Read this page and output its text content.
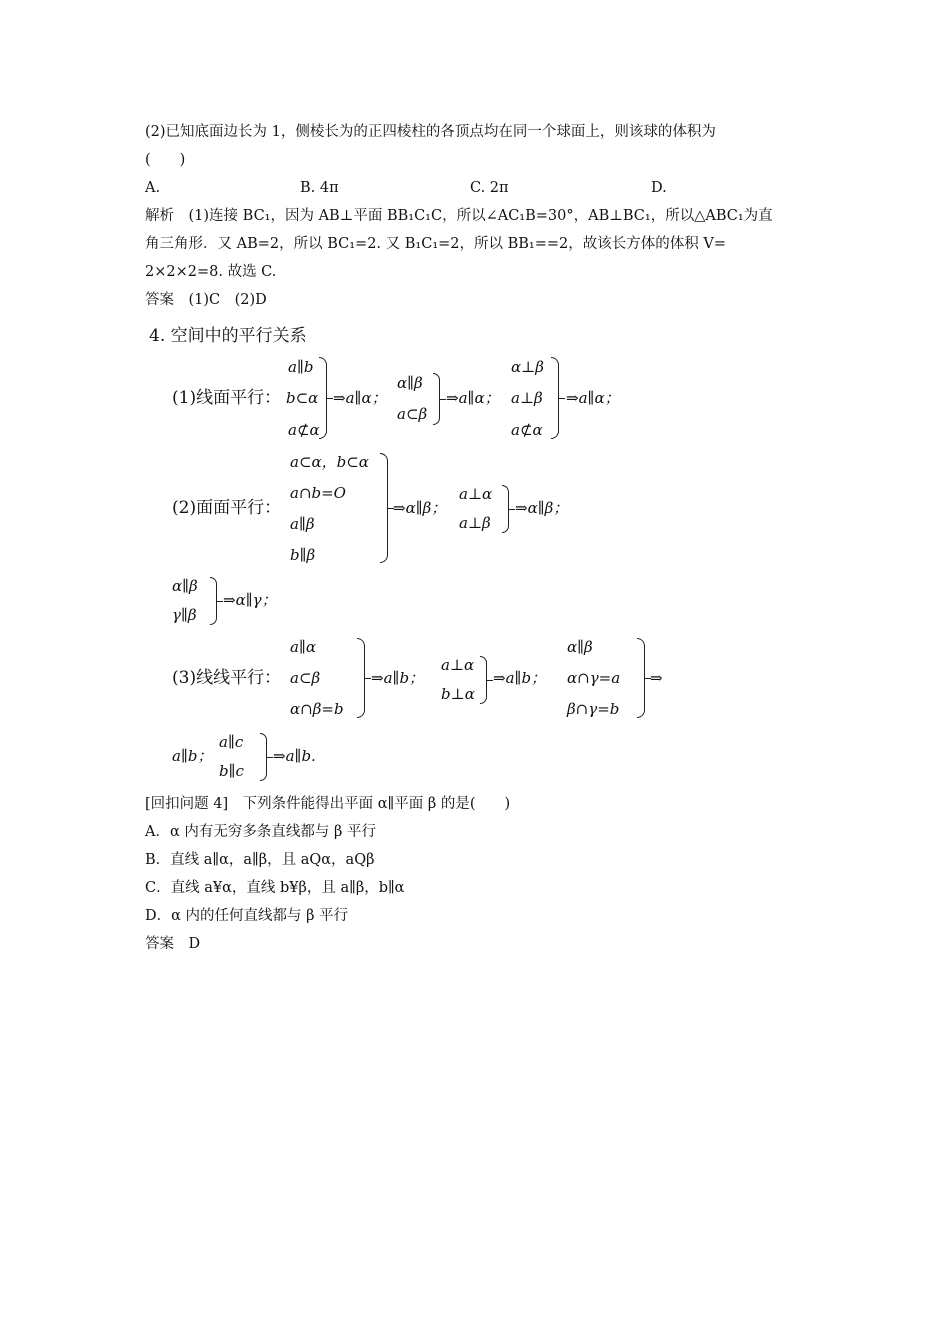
(2)已知底面边长为 1，侧棱长为的正四棱柱的各顶点均在同一个球面上，则该球的体积为
(　　)
A.	B. 4π	C. 2π	D.
解析　(1)连接 BC₁，因为 AB⊥平面 BB₁C₁C，所以∠AC₁B=30°，AB⊥BC₁，所以△ABC₁为直
角三角形．又 AB=2，所以 BC₁=2. 又 B₁C₁=2，所以 BB₁==2，故该长方体的体积 V=
2×2×2=8. 故选 C.
答案　(1)C　(2)D
4. 空间中的平行关系
(1)线面平行：
a∥b
b⊂α
a⊄α
⇒a∥α；
α∥β
a⊂β
⇒a∥α；
α⊥β
a⊥β
a⊄α
⇒a∥α；
(2)面面平行：
a⊂α，b⊂α
a∩b=O
a∥β
b∥β
⇒α∥β；
a⊥α
a⊥β
⇒α∥β；
α∥β
γ∥β
⇒α∥γ；
(3)线线平行：
a∥α
a⊂β
α∩β=b
⇒a∥b；
a⊥α
b⊥α
⇒a∥b；
α∥β
α∩γ=a
β∩γ=b
⇒
a∥b；
a∥c
b∥c
⇒a∥b.
[回扣问题 4]　下列条件能得出平面 α∥平面 β 的是(　　)
A．α 内有无穷多条直线都与 β 平行
B．直线 a∥α，a∥β，且 aQα，aQβ
C．直线 a¥α，直线 b¥β，且 a∥β，b∥α
D．α 内的任何直线都与 β 平行
答案　D
